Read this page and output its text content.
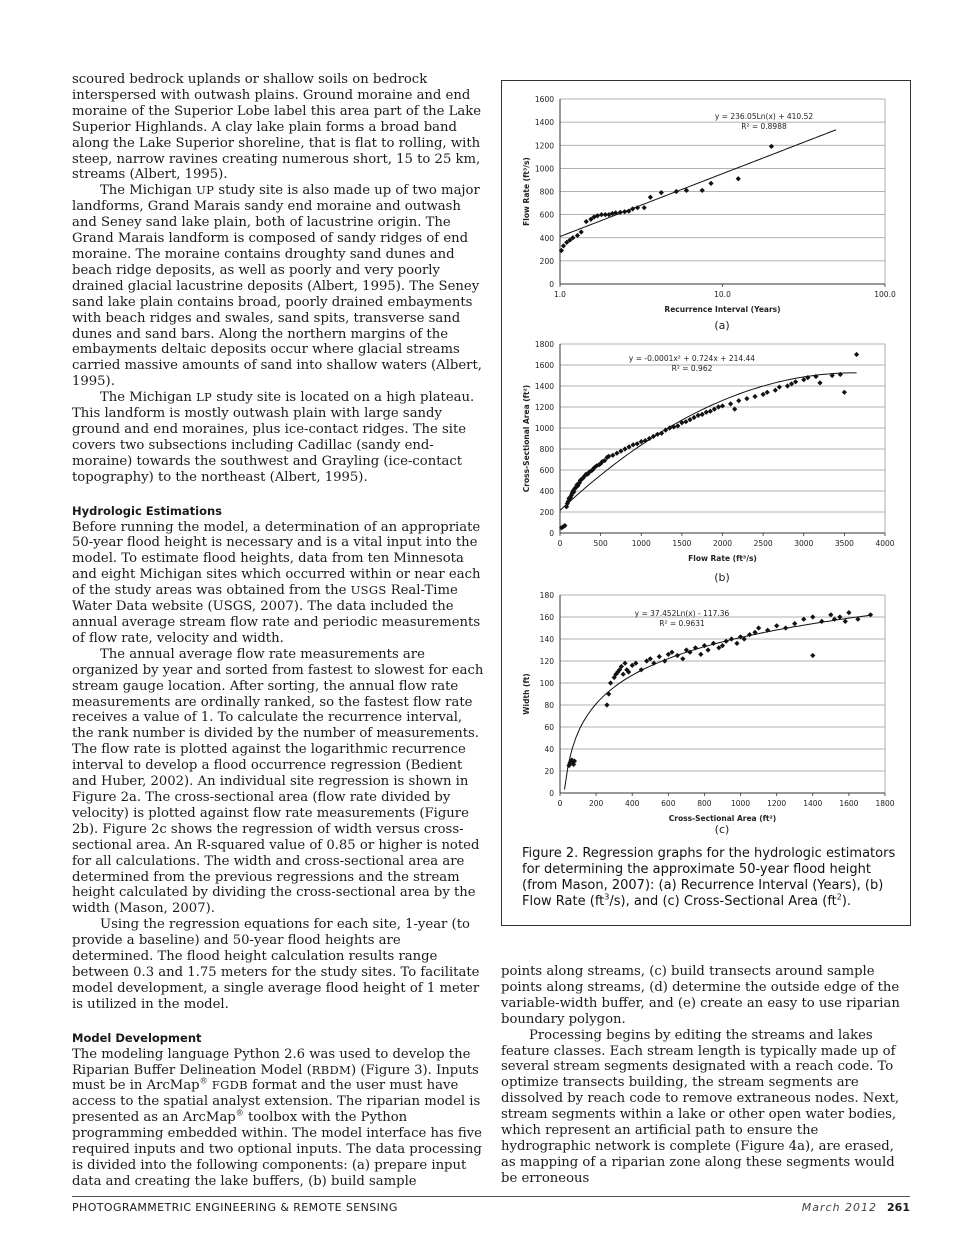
scoured bedrock uplands or shallow soils on bedrock interspersed with outwash plains. Ground moraine and end moraine of the Superior Lobe label this area part of the Lake Superior Highlands. A clay lake plain forms a broad band along the Lake Superior shoreline, that is flat to rolling, with steep, narrow ravines creating numerous short, 15 to 25 km, streams (Albert, 1995).

The Michigan UP study site is also made up of two major landforms, Grand Marais sandy end moraine and outwash and Seney sand lake plain, both of lacustrine origin. The Grand Marais landform is composed of sandy ridges of end moraine. The moraine contains droughty sand dunes and beach ridge deposits, as well as poorly and very poorly drained glacial lacustrine deposits (Albert, 1995). The Seney sand lake plain contains broad, poorly drained embayments with beach ridges and swales, sand spits, transverse sand dunes and sand bars. Along the northern margins of the embayments deltaic deposits occur where glacial streams carried massive amounts of sand into shallow waters (Albert, 1995).

The Michigan LP study site is located on a high plateau. This landform is mostly outwash plain with large sandy ground and end moraines, plus ice-contact ridges. The site covers two subsections including Cadillac (sandy end-moraine) towards the southwest and Grayling (ice-contact topography) to the northeast (Albert, 1995).

Hydrologic Estimations

Before running the model, a determination of an appropriate 50-year flood height is necessary and is a vital input into the model. To estimate flood heights, data from ten Minnesota and eight Michigan sites which occurred within or near each of the study areas was obtained from the USGS Real-Time Water Data website (USGS, 2007). The data included the annual average stream flow rate and periodic measurements of flow rate, velocity and width.

The annual average flow rate measurements are organized by year and sorted from fastest to slowest for each stream gauge location. After sorting, the annual flow rate measurements are ordinally ranked, so the fastest flow rate receives a value of 1. To calculate the recurrence interval, the rank number is divided by the number of measurements. The flow rate is plotted against the logarithmic recurrence interval to develop a flood occurrence regression (Bedient and Huber, 2002). An individual site regression is shown in Figure 2a. The cross-sectional area (flow rate divided by velocity) is plotted against flow rate measurements (Figure 2b). Figure 2c shows the regression of width versus cross-sectional area. An R-squared value of 0.85 or higher is noted for all calculations. The width and cross-sectional area are determined from the previous regressions and the stream height calculated by dividing the cross-sectional area by the width (Mason, 2007).

Using the regression equations for each site, 1-year (to provide a baseline) and 50-year flood heights are determined. The flood height calculation results range between 0.3 and 1.75 meters for the study sites. To facilitate model development, a single average flood height of 1 meter is utilized in the model.

Model Development

The modeling language Python 2.6 was used to develop the Riparian Buffer Delineation Model (RBDM) (Figure 3). Inputs must be in ArcMap® FGDB format and the user must have access to the spatial analyst extension. The riparian model is presented as an ArcMap® toolbox with the Python programming embedded within. The model interface has five required inputs and two optional inputs. The data processing is divided into the following components: (a) prepare input data and creating the lake buffers, (b) build sample

0
200
400
600
800
1000
1200
1400
1600
1.0	10.0	100.0
y = 236.05Ln(x) + 410.52
R² = 0.8988
Recurrence Interval (Years)
Flow Rate (ft³/s)
(a)
0
200
400
600
800
1000
1200
1400
1600
1800
0	500	1000	1500	2000	2500	3000	3500	4000
y = -0.0001x² + 0.724x + 214.44
R² = 0.962
Flow Rate (ft³/s)
Cross-Sectional Area (ft²)
(b)
0
20
40
60
80
100
120
140
160
180
0	200	400	600	800	1000 1200 1400 1600 1800
y = 37.452Ln(x) - 117.36
R² = 0.9631
Cross-Sectional Area (ft²)
Width (ft)
(c)
Figure 2. Regression graphs for the hydrologic estimators for determining the approximate 50-year flood height (from Mason, 2007): (a) Recurrence Interval (Years), (b) Flow Rate $(ft^3/s)$, and (c) Cross-Sectional Area $(ft^2)$.

points along streams, (c) build transects around sample points along streams, (d) determine the outside edge of the variable-width buffer, and (e) create an easy to use riparian boundary polygon.

Processing begins by editing the streams and lakes feature classes. Each stream length is typically made up of several stream segments designated with a reach code. To optimize transects building, the stream segments are dissolved by reach code to remove extraneous nodes. Next, stream segments within a lake or other open water bodies, which represent an artificial path to ensure the hydrographic network is complete (Figure 4a), are erased, as mapping of a riparian zone along these segments would be erroneous

PHOTOGRAMMETRIC ENGINEERING & REMOTE SENSING	March 2012 261
